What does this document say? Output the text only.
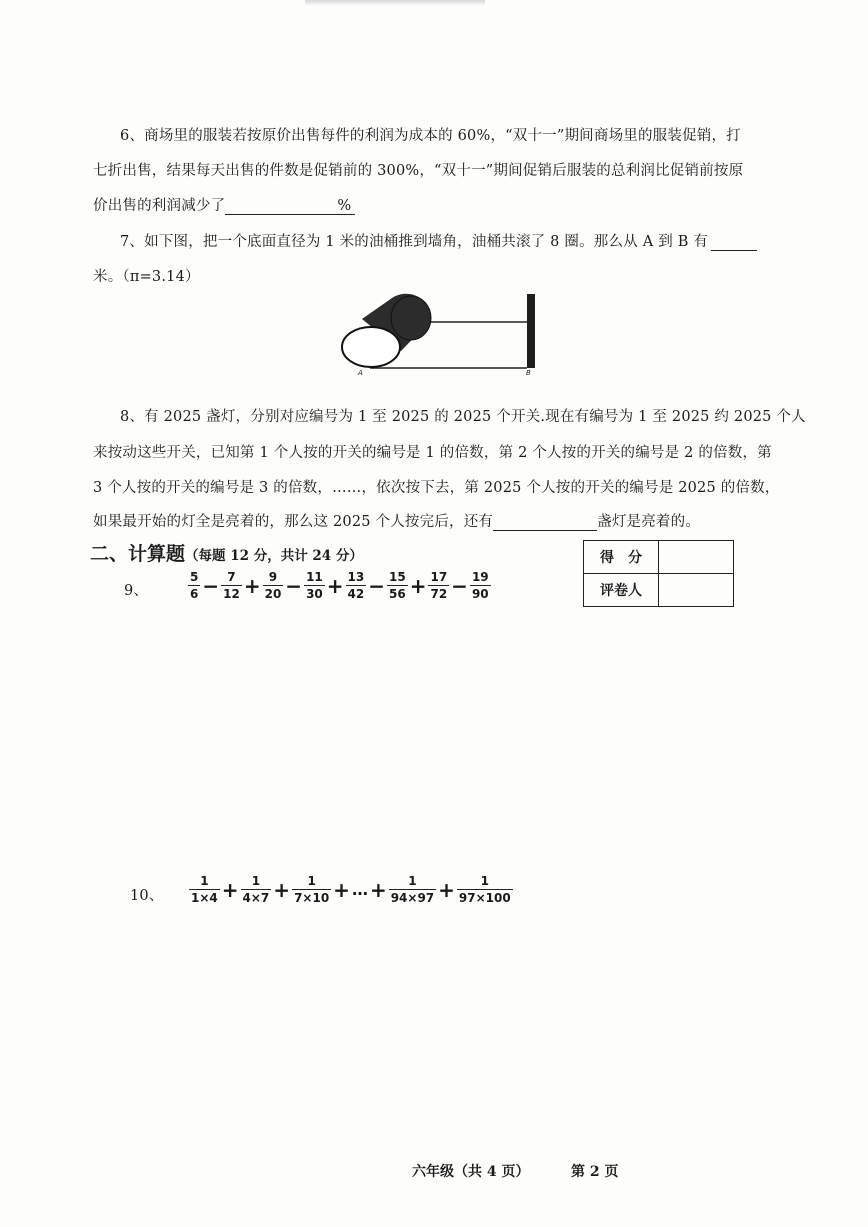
6、商场里的服装若按原价出售每件的利润为成本的 60%，“双十一”期间商场里的服装促销，打
七折出售，结果每天出售的件数是促销前的 300%，“双十一”期间促销后服装的总利润比促销前按原
价出售的利润减少了	%
7、如下图，把一个底面直径为 1 米的油桶推到墙角，油桶共滚了 8 圈。那么从 A 到 B 有
米。（π=3.14）
A	B
8、有 2025 盏灯，分别对应编号为 1 至 2025 的 2025 个开关.现在有编号为 1 至 2025 约 2025 个人
来按动这些开关，已知第 1 个人按的开关的编号是 1 的倍数，第 2 个人按的开关的编号是 2 的倍数，第
3 个人按的开关的编号是 3 的倍数，……，依次按下去，第 2025 个人按的开关的编号是 2025 的倍数，
如果最开始的灯全是亮着的，那么这 2025 个人按完后，还有	盏灯是亮着的。
二、计算题（每题 12 分，共计 24 分）	得　分	
评卷人	
9、	$\frac{5}{6} - \frac{7}{12} + \frac{9}{20} - \frac{11}{30} + \frac{13}{42} - \frac{15}{56} + \frac{17}{72} - \frac{19}{90}$
10、 $\frac{1}{1\times 4} + \frac{1}{4\times 7} + \frac{1}{7\times 10}$ + … + $\frac{1}{94\times 97} + \frac{1}{97\times 100}$
六年级（共 4 页）	第 2 页
